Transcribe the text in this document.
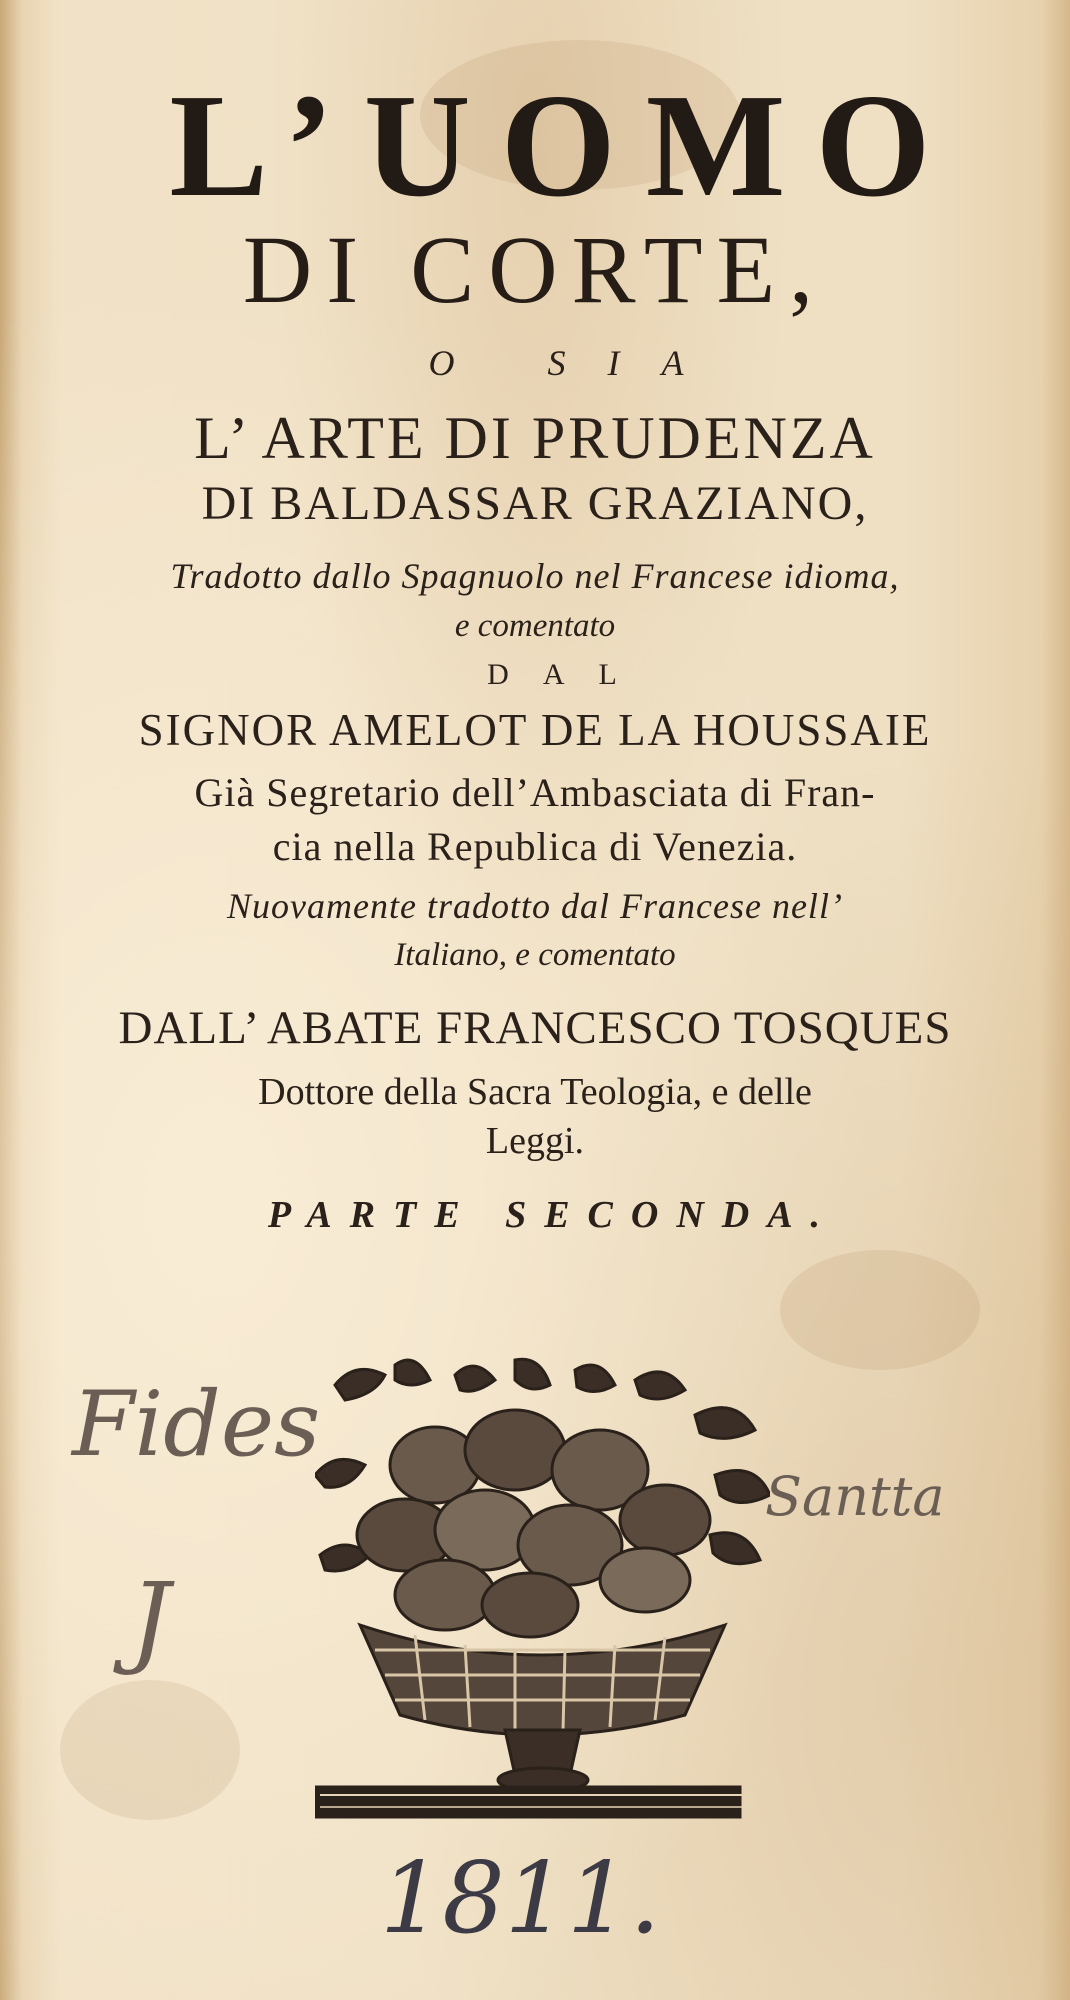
L’UOMO
DI CORTE,
O SIA
L’ ARTE DI PRUDENZA
DI BALDASSAR GRAZIANO,
Tradotto dallo Spagnuolo nel Francese idioma,
e comentato
DAL
SIGNOR AMELOT DE LA HOUSSAIE
Già Segretario dell’Ambasciata di Fran-
cia nella Republica di Venezia.
Nuovamente tradotto dal Francese nell’
Italiano, e comentato
DALL’ ABATE FRANCESCO TOSQUES
Dottore della Sacra Teologia, e delle
Leggi.
PARTE SECONDA.
Fides
Santta
J
1811.
